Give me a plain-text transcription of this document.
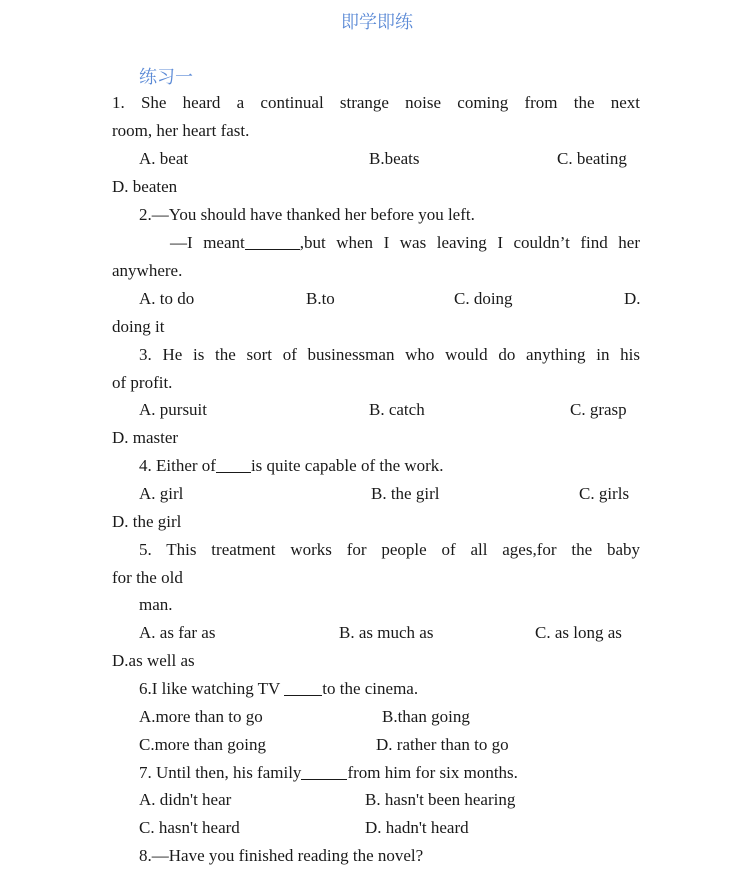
即学即练
练习一
1. She heard a continual strange noise coming from the next
room, her heart fast.
A. beat	B.beats	C. beating
D. beaten
2.—You should have thanked her before you left.
—I meant	,but when I was leaving I couldn’t find her
anywhere.
A. to do	B.to	C. doing	D.
doing it
3. He is the sort of businessman who would do anything in his
of profit.
A. pursuit	B. catch	C. grasp
D. master
4. Either of is quite capable of the work.
A. girl	B. the girl	C. girls
D. the girl
5. This treatment works for people of all ages,for the baby
for the old
man.
A. as far as	B. as much as	C. as long as
D.as well as
6.I like watching TV to the cinema.
A.more than to go	B.than going
C.more than going	D. rather than to go
7. Until then, his family	from him for six months.
A. didn't hear	B. hasn't been hearing
C. hasn't heard	D. hadn't heard
8.—Have you finished reading the novel?
